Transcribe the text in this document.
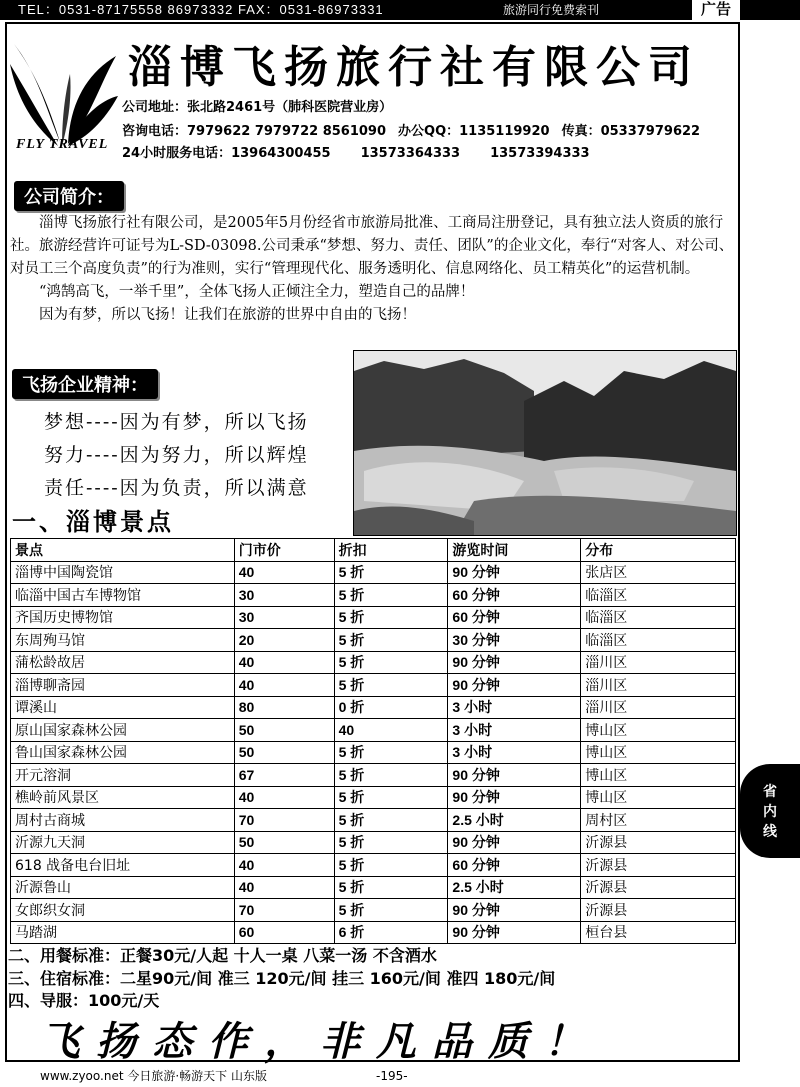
TEL：0531-87175558 86973332 FAX：0531-86973331	旅游同行免费索刊	广告
FLY TRAVEL
淄博飞扬旅行社有限公司
公司地址：张北路2461号（肺科医院营业房）
咨询电话：7979622 7979722 8561090 办公QQ：1135119920 传真：05337979622
24小时服务电话：13964300455 13573364333 13573394333
公司简介：

淄博飞扬旅行社有限公司，是2005年5月份经省市旅游局批准、工商局注册登记，具有独立法人资质的旅行社。旅游经营许可证号为L-SD-03098.公司秉承“梦想、努力、责任、团队”的企业文化，奉行“对客人、对公司、对员工三个高度负责”的行为准则，实行“管理现代化、服务透明化、信息网络化、员工精英化”的运营机制。

“鸿鹄高飞，一举千里”，全体飞扬人正倾注全力，塑造自己的品牌！

因为有梦，所以飞扬！让我们在旅游的世界中自由的飞扬！

飞扬企业精神：
梦想----因为有梦，所以飞扬
努力----因为努力，所以辉煌
责任----因为负责，所以满意
一、淄博景点
景点	门市价	折扣	游览时间	分布
淄博中国陶瓷馆	40	5 折	90 分钟	张店区
临淄中国古车博物馆	30	5 折	60 分钟	临淄区
齐国历史博物馆	30	5 折	60 分钟	临淄区
东周殉马馆	20	5 折	30 分钟	临淄区
蒲松龄故居	40	5 折	90 分钟	淄川区
淄博聊斋园	40	5 折	90 分钟	淄川区
谭溪山	80	0 折	3 小时	淄川区
原山国家森林公园	50	40	3 小时	博山区
鲁山国家森林公园	50	5 折	3 小时	博山区
开元溶洞	67	5 折	90 分钟	博山区
樵岭前风景区	40	5 折	90 分钟	博山区
周村古商城	70	5 折	2.5 小时	周村区
沂源九天洞	50	5 折	90 分钟	沂源县
618 战备电台旧址	40	5 折	60 分钟	沂源县
沂源鲁山	40	5 折	2.5 小时	沂源县
女郎织女洞	70	5 折	90 分钟	沂源县
马踏湖	60	6 折	90 分钟	桓台县
二、用餐标准：正餐30元/人起 十人一桌 八菜一汤 不含酒水
三、住宿标准：二星90元/间 准三 120元/间 挂三 160元/间 准四 180元/间
四、导服：100元/天
飞扬态作，非凡品质！
www.zyoo.net 今日旅游·畅游天下 山东版	-195-
省
内
线
